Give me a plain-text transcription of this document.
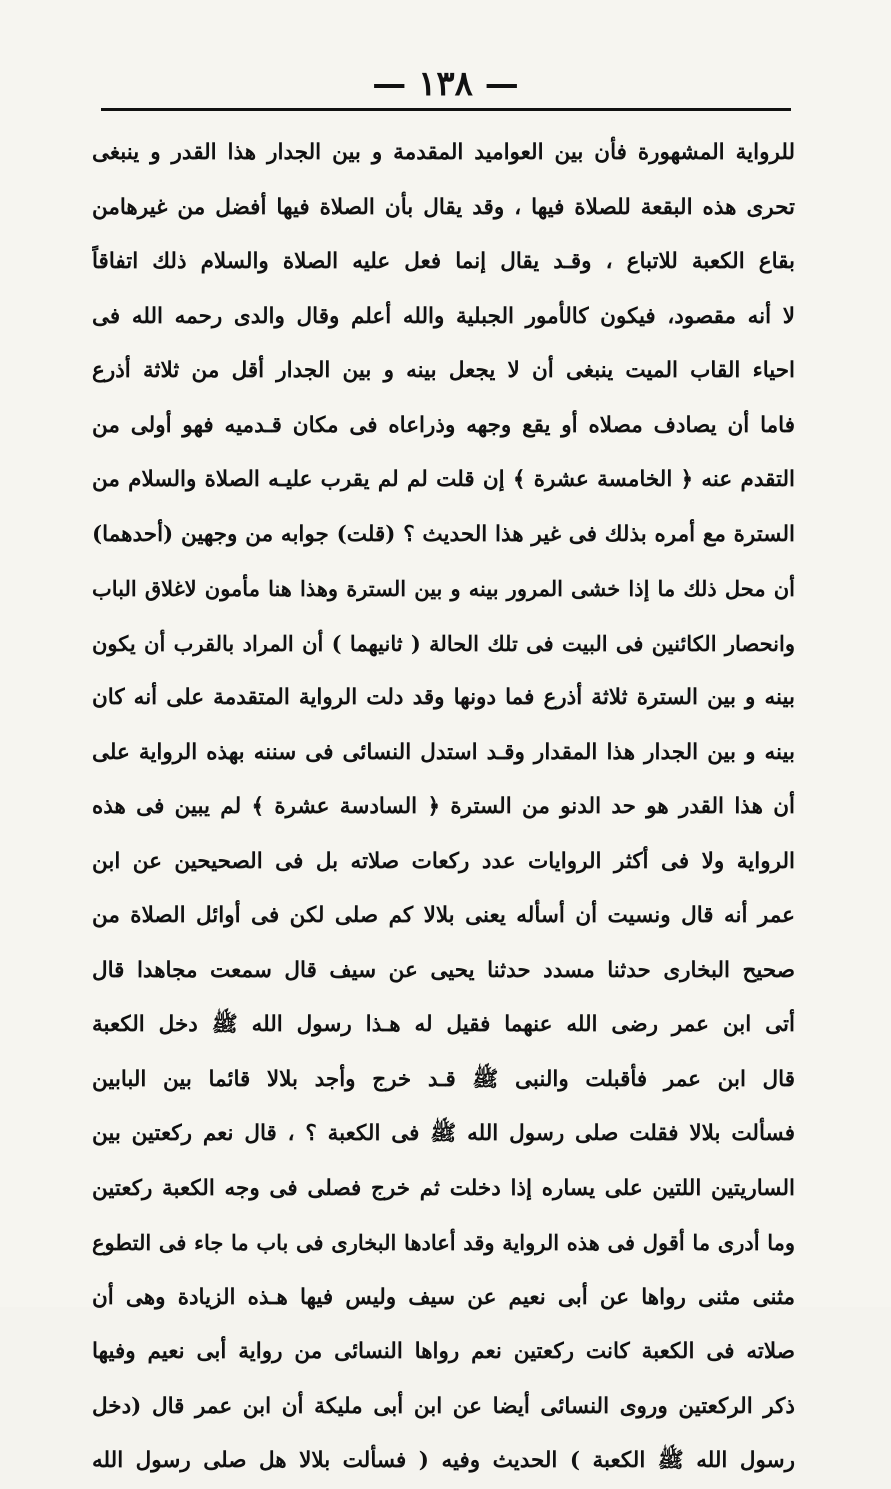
— ١٣٨ —
للرواية المشهورة فأن بين العواميد المقدمة و بين الجدار هذا القدر و ينبغى
تحرى هذه البقعة للصلاة فيها ، وقد يقال بأن الصلاة فيها أفضل من غيرهامن
بقاع الكعبة للاتباع ، وقـد يقال إنما فعل عليه الصلاة والسلام ذلك اتفاقاً
لا أنه مقصود، فيكون كالأمور الجبلية والله أعلم وقال والدى رحمه الله فى
احياء القاب الميت ينبغى أن لا يجعل بينه و بين الجدار أقل من ثلاثة أذرع
فاما أن يصادف مصلاه أو يقع وجهه وذراعاه فى مكان قـدميه فهو أولى من
التقدم عنه ﴿ الخامسة عشرة ﴾ إن قلت لم لم يقرب عليـه الصلاة والسلام من
السترة مع أمره بذلك فى غير هذا الحديث ؟ (قلت) جوابه من وجهين (أحدهما)
أن محل ذلك ما إذا خشى المرور بينه و بين السترة وهذا هنا مأمون لاغلاق الباب
وانحصار الكائنين فى البيت فى تلك الحالة ( ثانيهما ) أن المراد بالقرب أن يكون
بينه و بين السترة ثلاثة أذرع فما دونها وقد دلت الرواية المتقدمة على أنه كان
بينه و بين الجدار هذا المقدار وقـد استدل النسائى فى سننه بهذه الرواية على
أن هذا القدر هو حد الدنو من السترة ﴿ السادسة عشرة ﴾ لم يبين فى هذه
الرواية ولا فى أكثر الروايات عدد ركعات صلاته بل فى الصحيحين عن ابن
عمر أنه قال ونسيت أن أسأله يعنى بلالا كم صلى لكن فى أوائل الصلاة من
صحيح البخارى حدثنا مسدد حدثنا يحيى عن سيف قال سمعت مجاهدا قال
أتى ابن عمر رضى الله عنهما فقيل له هـذا رسول الله ﷺ دخل الكعبة
قال ابن عمر فأقبلت والنبى ﷺ قـد خرج وأجد بلالا قائما بين البابين
فسألت بلالا فقلت صلى رسول الله ﷺ فى الكعبة ؟ ، قال نعم ركعتين بين
الساريتين اللتين على يساره إذا دخلت ثم خرج فصلى فى وجه الكعبة ركعتين
وما أدرى ما أقول فى هذه الرواية وقد أعادها البخارى فى باب ما جاء فى التطوع
مثنى مثنى رواها عن أبى نعيم عن سيف وليس فيها هـذه الزيادة وهى أن
صلاته فى الكعبة كانت ركعتين نعم رواها النسائى من رواية أبى نعيم وفيها
ذكر الركعتين وروى النسائى أيضا عن ابن أبى مليكة أن ابن عمر قال (دخل
رسول الله ﷺ الكعبة ) الحديث وفيه ( فسألت بلالا هل صلى رسول الله
